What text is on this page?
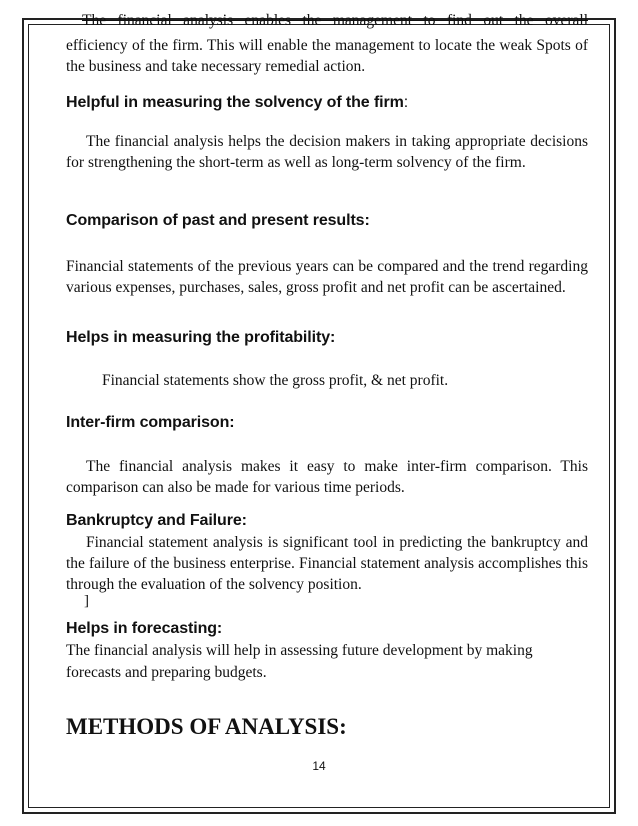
The financial analysis enables the management to find out the overall
efficiency of the firm. This will enable the management to locate the weak Spots of the business and take necessary remedial action.
Helpful in measuring the solvency of the firm:
The financial analysis helps the decision makers in taking appropriate decisions for strengthening the short-term as well as long-term solvency of the firm.
Comparison of past and present results:
Financial statements of the previous years can be compared and the trend regarding various expenses, purchases, sales, gross profit and net profit can be ascertained.
Helps in measuring the profitability:
Financial statements show the gross profit, & net profit.
Inter-firm comparison:
The financial analysis makes it easy to make inter-firm comparison. This comparison can also be made for various time periods.
Bankruptcy and Failure:
Financial statement analysis is significant tool in predicting the bankruptcy and the failure of the business enterprise. Financial statement analysis accomplishes this through the evaluation of the solvency position.
]
Helps in forecasting:
The financial analysis will help in assessing future development by making forecasts and preparing budgets.
METHODS OF ANALYSIS:
14
